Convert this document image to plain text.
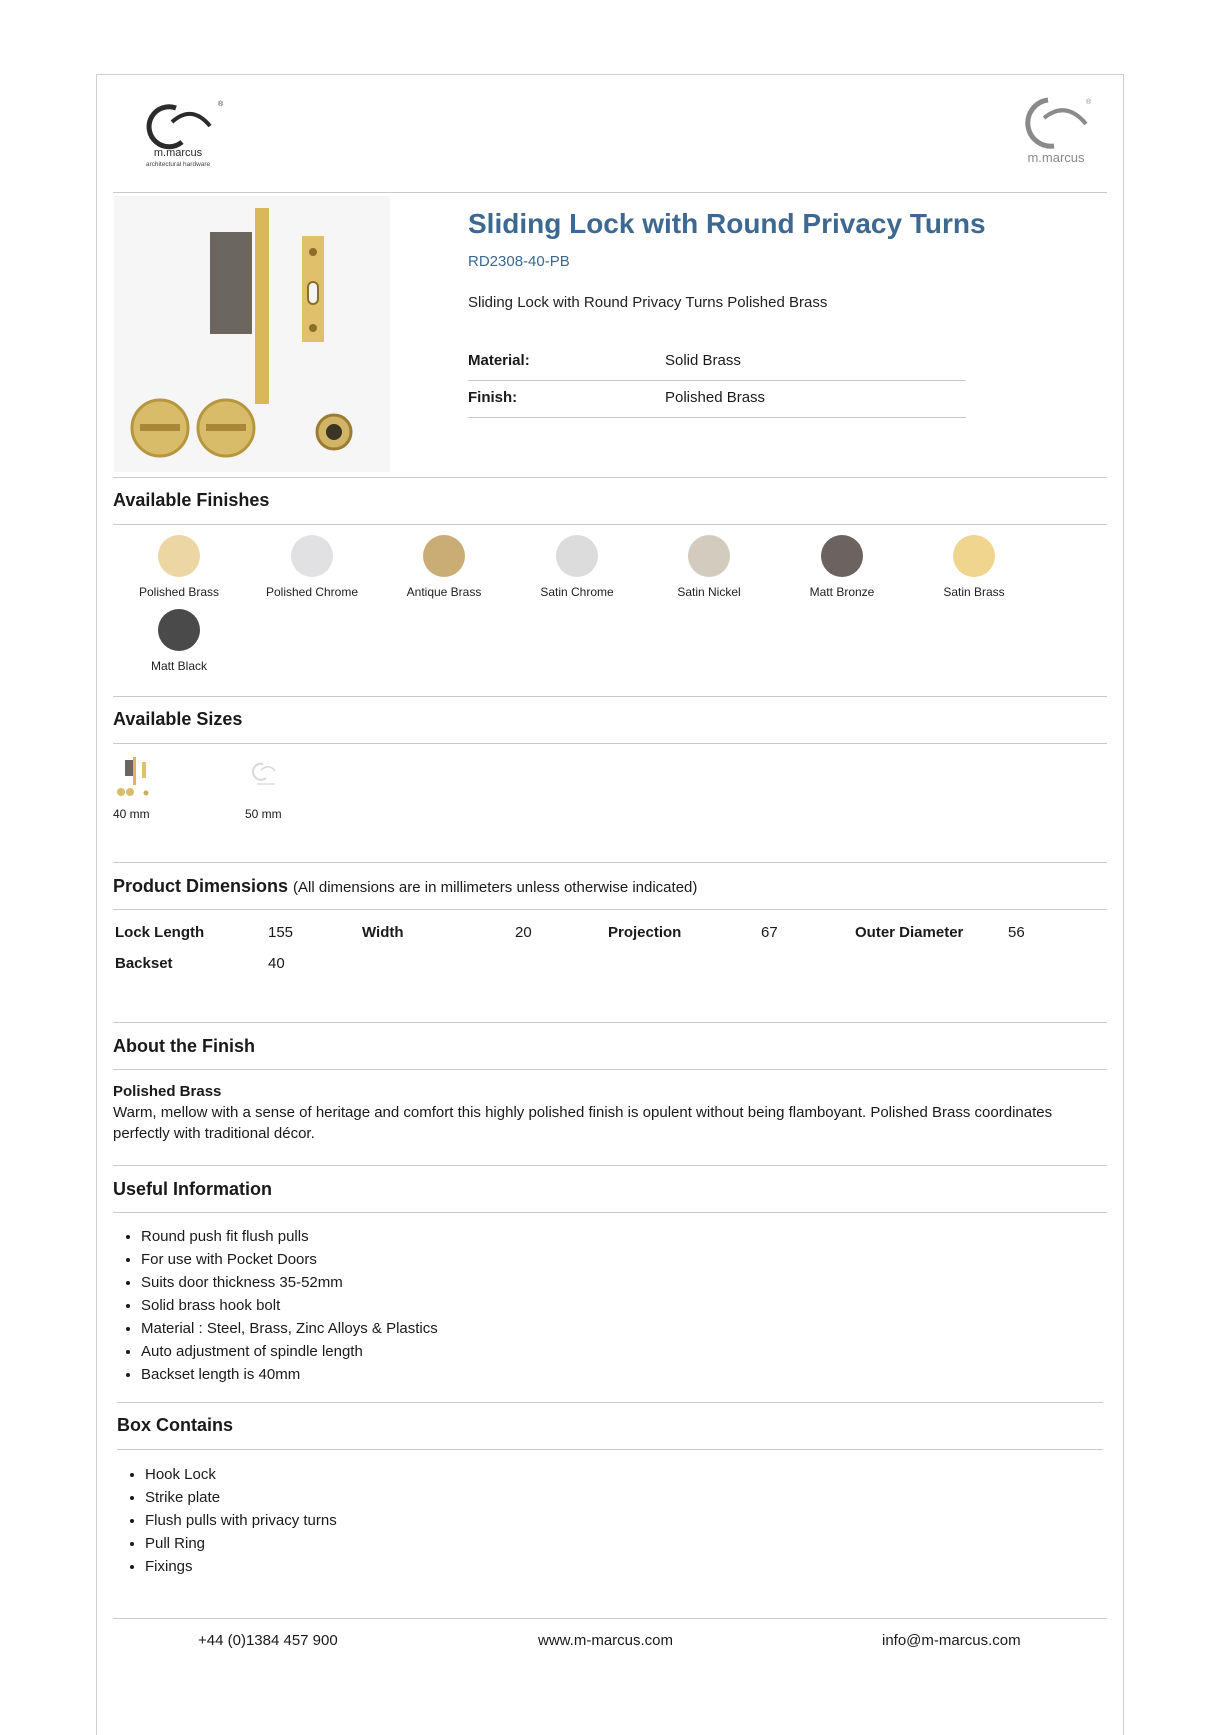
®
m.marcus
architectural hardware
®
m.marcus
Sliding Lock with Round Privacy Turns
RD2308-40-PB
Sliding Lock with Round Privacy Turns Polished Brass
Material:	Solid Brass
Finish:	Polished Brass
Available Finishes
Polished Brass	Polished Chrome	Antique Brass	Satin Chrome	Satin Nickel	Matt Bronze	Satin Brass
Matt Black
Available Sizes
40 mm	50 mm
Product Dimensions (All dimensions are in millimeters unless otherwise indicated)
Lock Length	155	Width	20	Projection	67	Outer Diameter	56
Backset	40
About the Finish
Polished Brass
Warm, mellow with a sense of heritage and comfort this highly polished finish is opulent without being flamboyant. Polished Brass coordinates
perfectly with traditional décor.
Useful Information
• Round push fit flush pulls
• For use with Pocket Doors
• Suits door thickness 35-52mm
• Solid brass hook bolt
• Material : Steel, Brass, Zinc Alloys & Plastics
• Auto adjustment of spindle length
• Backset length is 40mm
Box Contains
• Hook Lock
• Strike plate
• Flush pulls with privacy turns
• Pull Ring
• Fixings
+44 (0)1384 457 900	www.m-marcus.com	info@m-marcus.com
